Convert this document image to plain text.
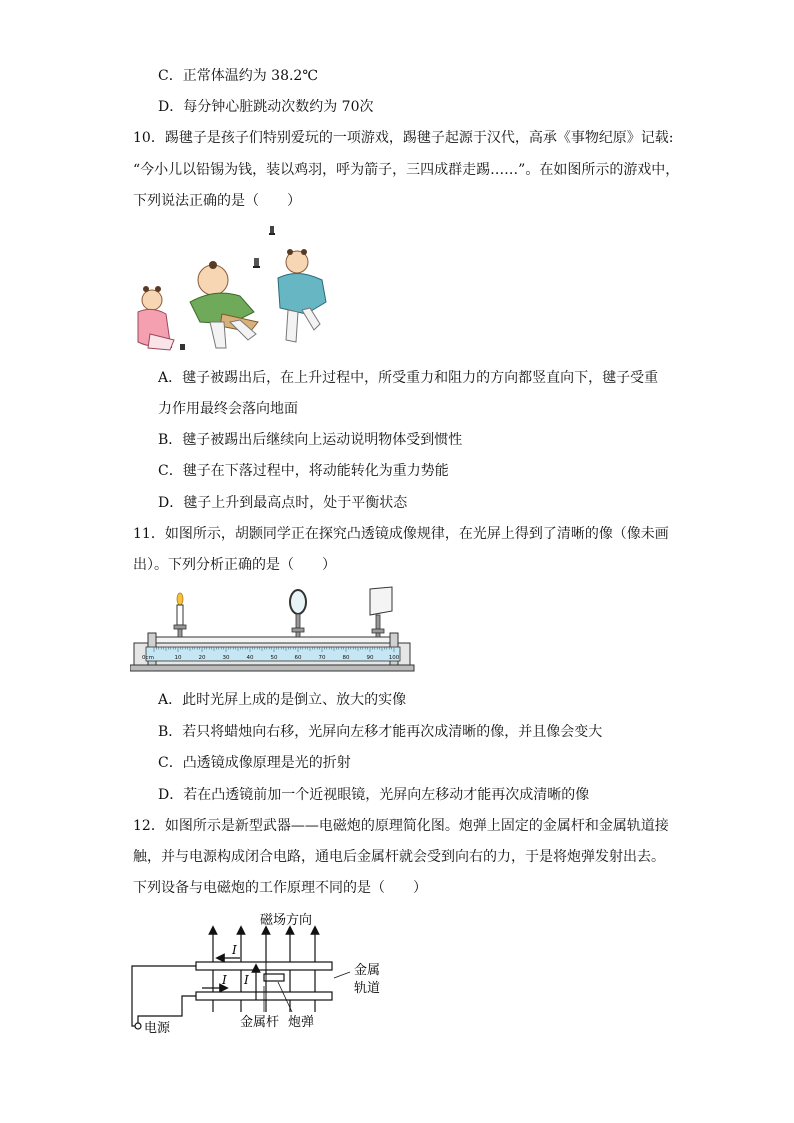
C．正常体温约为 38.2℃
D．每分钟心脏跳动次数约为 70次
10．踢毽子是孩子们特别爱玩的一项游戏，踢毽子起源于汉代，高承《事物纪原》记载:
“今小儿以铅锡为钱，装以鸡羽，呼为箭子，三四成群走踢……”。在如图所示的游戏中，
下列说法正确的是（　　）
A．毽子被踢出后，在上升过程中，所受重力和阻力的方向都竖直向下，毽子受重
力作用最终会落向地面
B．毽子被踢出后继续向上运动说明物体受到惯性
C．毽子在下落过程中，将动能转化为重力势能
D．毽子上升到最高点时，处于平衡状态
11．如图所示，胡颢同学正在探究凸透镜成像规律，在光屏上得到了清晰的像（像未画
出）。下列分析正确的是（　　）
0cm	10	20	30	40	50	60	70	80	90	100
A．此时光屏上成的是倒立、放大的实像
B．若只将蜡烛向右移，光屏向左移才能再次成清晰的像，并且像会变大
C．凸透镜成像原理是光的折射
D．若在凸透镜前加一个近视眼镜，光屏向左移动才能再次成清晰的像
12．如图所示是新型武器——电磁炮的原理简化图。炮弹上固定的金属杆和金属轨道接
触，并与电源构成闭合电路，通电后金属杆就会受到向右的力，于是将炮弹发射出去。
下列设备与电磁炮的工作原理不同的是（　　）
磁场方向
电源
I
I I
金属
轨道
金属杆 炮弹
